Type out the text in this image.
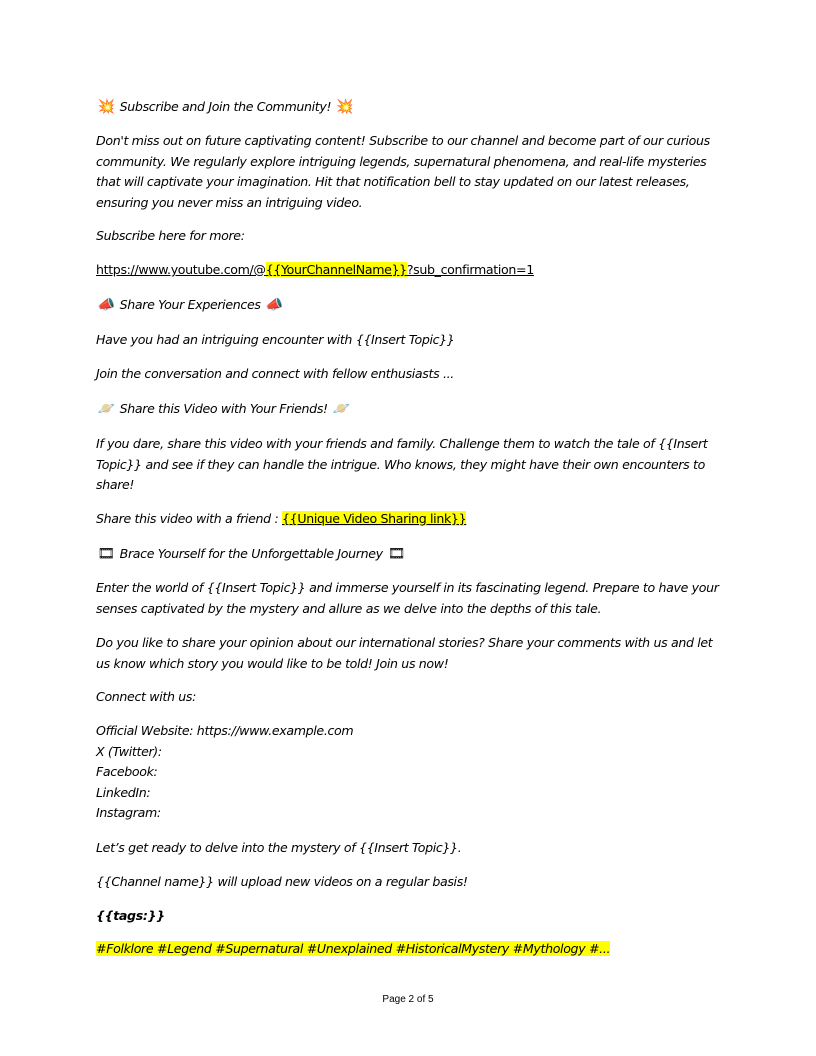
💥 Subscribe and Join the Community! 💥
Don't miss out on future captivating content! Subscribe to our channel and become part of our curious
community. We regularly explore intriguing legends, supernatural phenomena, and real-life mysteries
that will captivate your imagination. Hit that notification bell to stay updated on our latest releases,
ensuring you never miss an intriguing video.
Subscribe here for more:
https://www.youtube.com/@{{YourChannelName}}?sub_confirmation=1
📣 Share Your Experiences 📣
Have you had an intriguing encounter with {{Insert Topic}}
Join the conversation and connect with fellow enthusiasts ...
🪐 Share this Video with Your Friends! 🪐
If you dare, share this video with your friends and family. Challenge them to watch the tale of {{Insert
Topic}} and see if they can handle the intrigue. Who knows, they might have their own encounters to
share!
Share this video with a friend : {{Unique Video Sharing link}}
🎞 Brace Yourself for the Unforgettable Journey 🎞
Enter the world of {{Insert Topic}} and immerse yourself in its fascinating legend. Prepare to have your
senses captivated by the mystery and allure as we delve into the depths of this tale.
Do you like to share your opinion about our international stories? Share your comments with us and let
us know which story you would like to be told! Join us now!
Connect with us:
Official Website: https://www.example.com
X (Twitter):
Facebook:
LinkedIn:
Instagram:
Let’s get ready to delve into the mystery of {{Insert Topic}}.
{{Channel name}} will upload new videos on a regular basis!
{{tags:}}
#Folklore #Legend #Supernatural #Unexplained #HistoricalMystery #Mythology #...
Page 2 of 5
